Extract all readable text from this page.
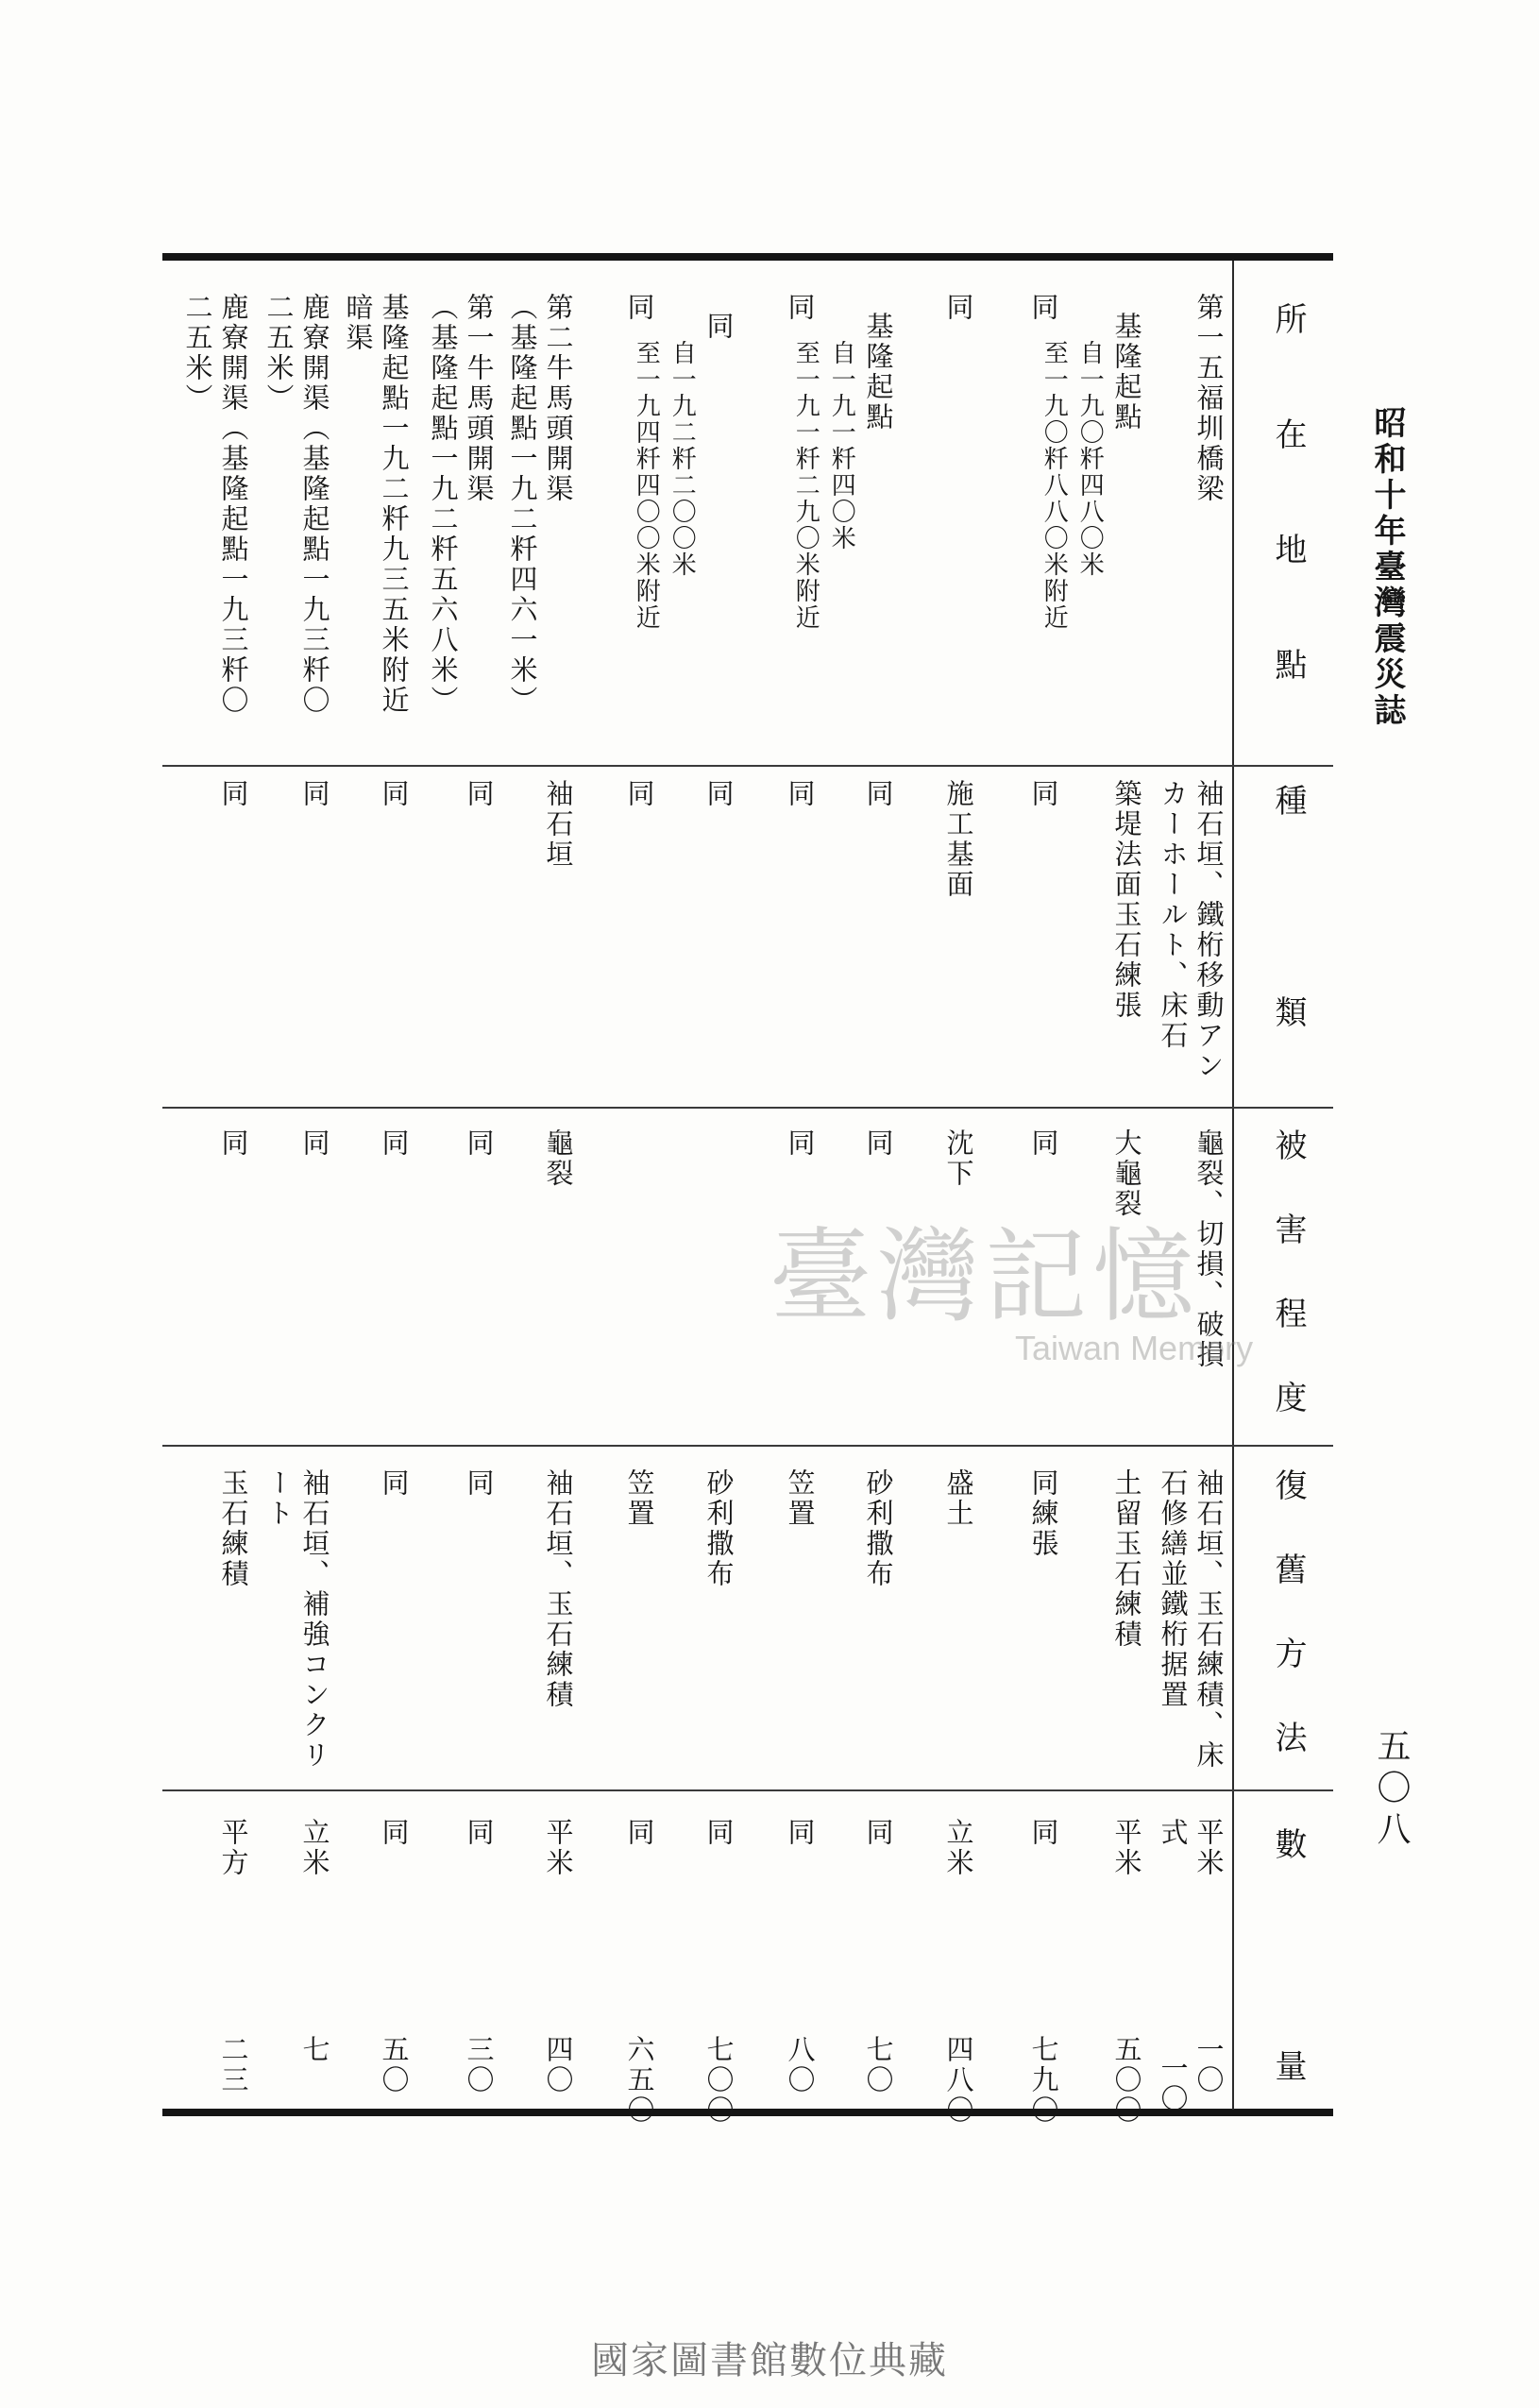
昭和十年臺灣震災誌
五〇八
所在地點
種類
被害程度
復舊方法
數
量
第一五福圳橋梁
袖石垣、鐵桁移動アン
カーホールト、床石
龜裂、切損、破損
袖石垣、玉石練積、床
石修繕並鐵桁据置
平米
式
一〇
一〇
基隆起點
自一九〇粁四八〇米
至一九〇粁八八〇米附近
築堤法面玉石練張
大龜裂
土留玉石練積
平米
五〇〇
同
同
同
同練張
同
七九〇
同
施工基面
沈下
盛土
立米
四八〇
基隆起點
自一九一粁四〇米
至一九一粁二九〇米附近
同
同
砂利撒布
同
七〇
同
同
同
笠置
同
八〇
同
自一九二粁二〇〇米
至一九四粁四〇〇米附近
同
砂利撒布
同
七〇〇
同
同
笠置
同
六五〇
第二牛馬頭開渠
（基隆起點一九二粁四六一米）
袖石垣
龜裂
袖石垣、玉石練積
平米
四〇
第一牛馬頭開渠
（基隆起點一九二粁五六八米）
同
同
同
同
三〇
基隆起點一九二粁九三五米附近
暗渠
同
同
同
同
五〇
鹿寮開渠（基隆起點一九三粁〇
二五米）
同
同
袖石垣、補強コンクリ
ート
立米
七
鹿寮開渠（基隆起點一九三粁〇
二五米）
同
同
玉石練積
平方
二三
臺灣記憶
Taiwan Memory
國家圖書館數位典藏
